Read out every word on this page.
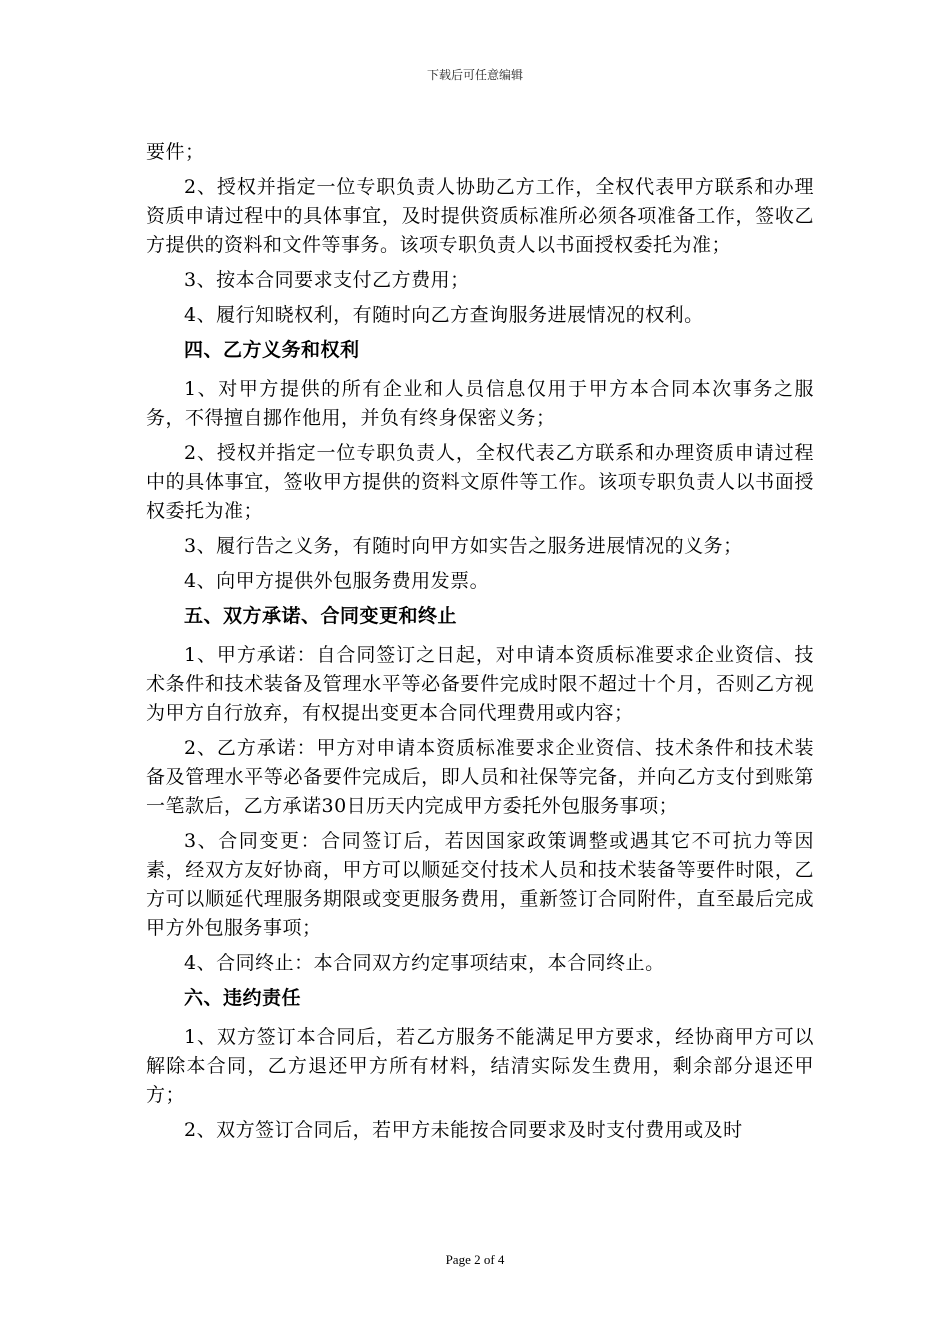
下载后可任意编辑

要件；

2、授权并指定一位专职负责人协助乙方工作，全权代表甲方联系和办理资质申请过程中的具体事宜，及时提供资质标准所必须各项准备工作，签收乙方提供的资料和文件等事务。该项专职负责人以书面授权委托为准；

3、按本合同要求支付乙方费用；

4、履行知晓权利，有随时向乙方查询服务进展情况的权利。

四、乙方义务和权利

1、对甲方提供的所有企业和人员信息仅用于甲方本合同本次事务之服务，不得擅自挪作他用，并负有终身保密义务；

2、授权并指定一位专职负责人，全权代表乙方联系和办理资质申请过程中的具体事宜，签收甲方提供的资料文原件等工作。该项专职负责人以书面授权委托为准；

3、履行告之义务，有随时向甲方如实告之服务进展情况的义务；

4、向甲方提供外包服务费用发票。

五、双方承诺、合同变更和终止

1、甲方承诺：自合同签订之日起，对申请本资质标准要求企业资信、技术条件和技术装备及管理水平等必备要件完成时限不超过十个月，否则乙方视为甲方自行放弃，有权提出变更本合同代理费用或内容；

2、乙方承诺：甲方对申请本资质标准要求企业资信、技术条件和技术装备及管理水平等必备要件完成后，即人员和社保等完备，并向乙方支付到账第一笔款后，乙方承诺30日历天内完成甲方委托外包服务事项；

3、合同变更：合同签订后，若因国家政策调整或遇其它不可抗力等因素，经双方友好协商，甲方可以顺延交付技术人员和技术装备等要件时限，乙方可以顺延代理服务期限或变更服务费用，重新签订合同附件，直至最后完成甲方外包服务事项；

4、合同终止：本合同双方约定事项结束，本合同终止。

六、违约责任

1、双方签订本合同后，若乙方服务不能满足甲方要求，经协商甲方可以解除本合同，乙方退还甲方所有材料，结清实际发生费用，剩余部分退还甲方；

2、双方签订合同后，若甲方未能按合同要求及时支付费用或及时

Page 2 of 4
